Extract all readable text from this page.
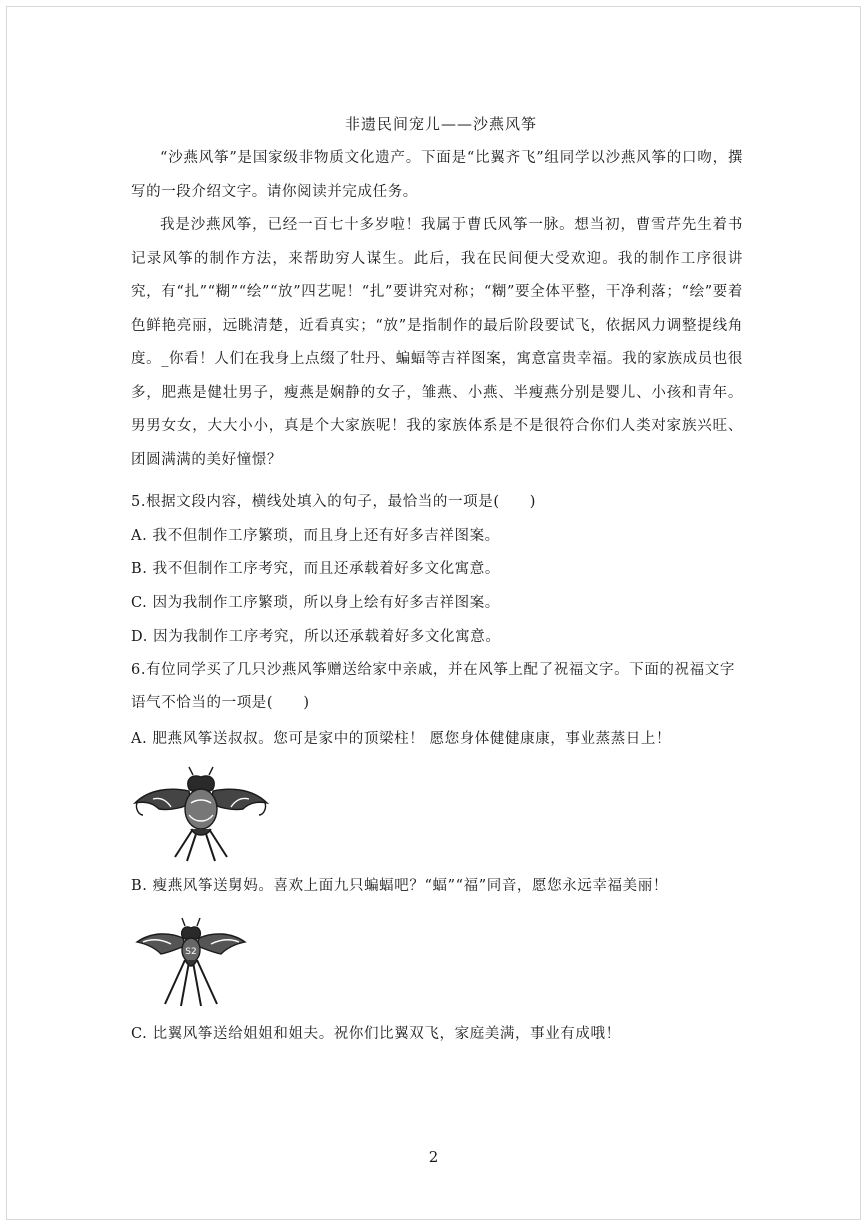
非遗民间宠儿——沙燕风筝

“沙燕风筝”是国家级非物质文化遗产。下面是“比翼齐飞”组同学以沙燕风筝的口吻，撰写的一段介绍文字。请你阅读并完成任务。

我是沙燕风筝，已经一百七十多岁啦！我属于曹氏风筝一脉。想当初，曹雪芹先生着书记录风筝的制作方法，来帮助穷人谋生。此后，我在民间便大受欢迎。我的制作工序很讲究，有“扎”“糊”“绘”“放”四艺呢！“扎”要讲究对称；“糊”要全体平整，干净利落；“绘”要着色鲜艳亮丽，远眺清楚，近看真实；“放”是指制作的最后阶段要试飞，依据风力调整提线角度。_你看！人们在我身上点缀了牡丹、蝙蝠等吉祥图案，寓意富贵幸福。我的家族成员也很多，肥燕是健壮男子，瘦燕是娴静的女子，雏燕、小燕、半瘦燕分别是婴儿、小孩和青年。男男女女，大大小小，真是个大家族呢！我的家族体系是不是很符合你们人类对家族兴旺、团圆满满的美好憧憬？

5.根据文段内容，横线处填入的句子，最恰当的一项是(　　)
A. 我不但制作工序繁琐，而且身上还有好多吉祥图案。
B. 我不但制作工序考究，而且还承载着好多文化寓意。
C. 因为我制作工序繁琐，所以身上绘有好多吉祥图案。
D. 因为我制作工序考究，所以还承载着好多文化寓意。
6.有位同学买了几只沙燕风筝赠送给家中亲戚，并在风筝上配了祝福文字。下面的祝福文字
语气不恰当的一项是(　　)
A. 肥燕风筝送叔叔。您可是家中的顶梁柱！ 愿您身体健健康康，事业蒸蒸日上！
B. 瘦燕风筝送舅妈。喜欢上面九只蝙蝠吧？“蝠”“福”同音，愿您永远幸福美丽！
S2
C. 比翼风筝送给姐姐和姐夫。祝你们比翼双飞，家庭美满，事业有成哦！
2
